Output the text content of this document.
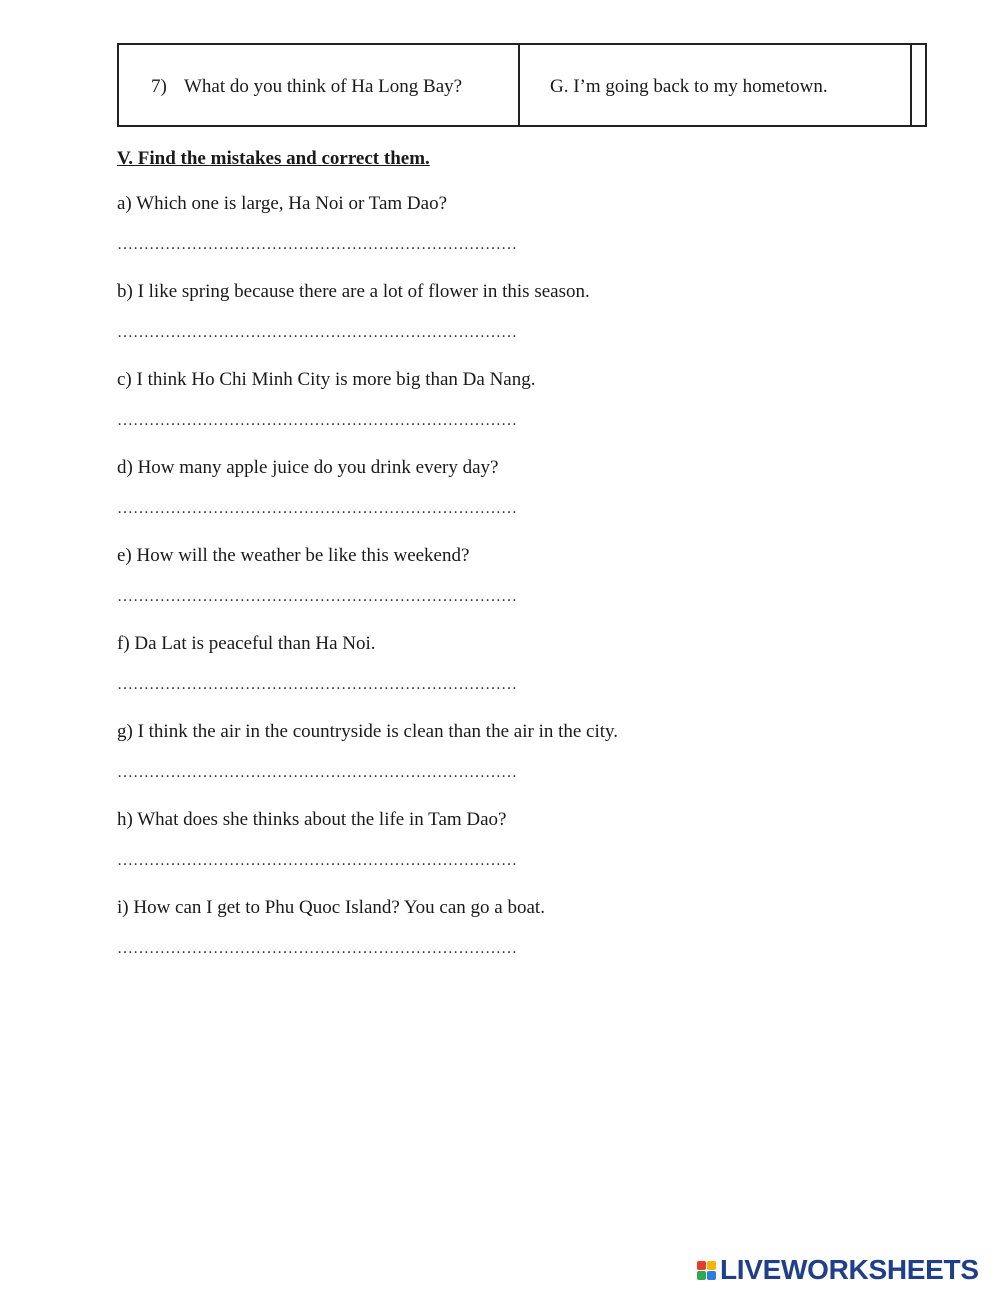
7) What do you think of Ha Long Bay?	G. I’m going back to my hometown.
V. Find the mistakes and correct them.
a) Which one is large, Ha Noi or Tam Dao?
…………………………………………………………………
b) I like spring because there are a lot of flower in this season.
…………………………………………………………………
c) I think Ho Chi Minh City is more big than Da Nang.
…………………………………………………………………
d) How many apple juice do you drink every day?
…………………………………………………………………
e) How will the weather be like this weekend?
…………………………………………………………………
f) Da Lat is peaceful than Ha Noi.
…………………………………………………………………
g) I think the air in the countryside is clean than the air in the city.
…………………………………………………………………
h) What does she thinks about the life in Tam Dao?
…………………………………………………………………
i) How can I get to Phu Quoc Island? You can go a boat.
…………………………………………………………………
LIVEWORKSHEETS
